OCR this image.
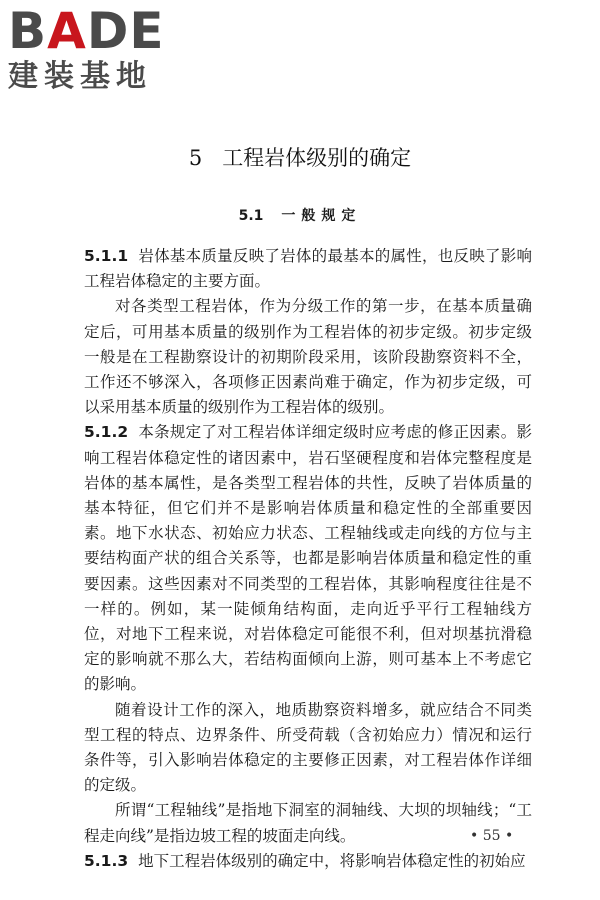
BADE
建装基地
5 工程岩体级别的确定
5.1 一般规定

5.1.1 岩体基本质量反映了岩体的最基本的属性，也反映了影响工程岩体稳定的主要方面。

对各类型工程岩体，作为分级工作的第一步，在基本质量确定后，可用基本质量的级别作为工程岩体的初步定级。初步定级一般是在工程勘察设计的初期阶段采用，该阶段勘察资料不全，工作还不够深入，各项修正因素尚难于确定，作为初步定级，可以采用基本质量的级别作为工程岩体的级别。

5.1.2 本条规定了对工程岩体详细定级时应考虑的修正因素。影响工程岩体稳定性的诸因素中，岩石坚硬程度和岩体完整程度是岩体的基本属性，是各类型工程岩体的共性，反映了岩体质量的基本特征，但它们并不是影响岩体质量和稳定性的全部重要因素。地下水状态、初始应力状态、工程轴线或走向线的方位与主要结构面产状的组合关系等，也都是影响岩体质量和稳定性的重要因素。这些因素对不同类型的工程岩体，其影响程度往往是不一样的。例如，某一陡倾角结构面，走向近乎平行工程轴线方位，对地下工程来说，对岩体稳定可能很不利，但对坝基抗滑稳定的影响就不那么大，若结构面倾向上游，则可基本上不考虑它的影响。

随着设计工作的深入，地质勘察资料增多，就应结合不同类型工程的特点、边界条件、所受荷载（含初始应力）情况和运行条件等，引入影响岩体稳定的主要修正因素，对工程岩体作详细的定级。

所谓“工程轴线”是指地下洞室的洞轴线、大坝的坝轴线；“工程走向线”是指边坡工程的坡面走向线。

5.1.3 地下工程岩体级别的确定中，将影响岩体稳定性的初始应

• 55 •
